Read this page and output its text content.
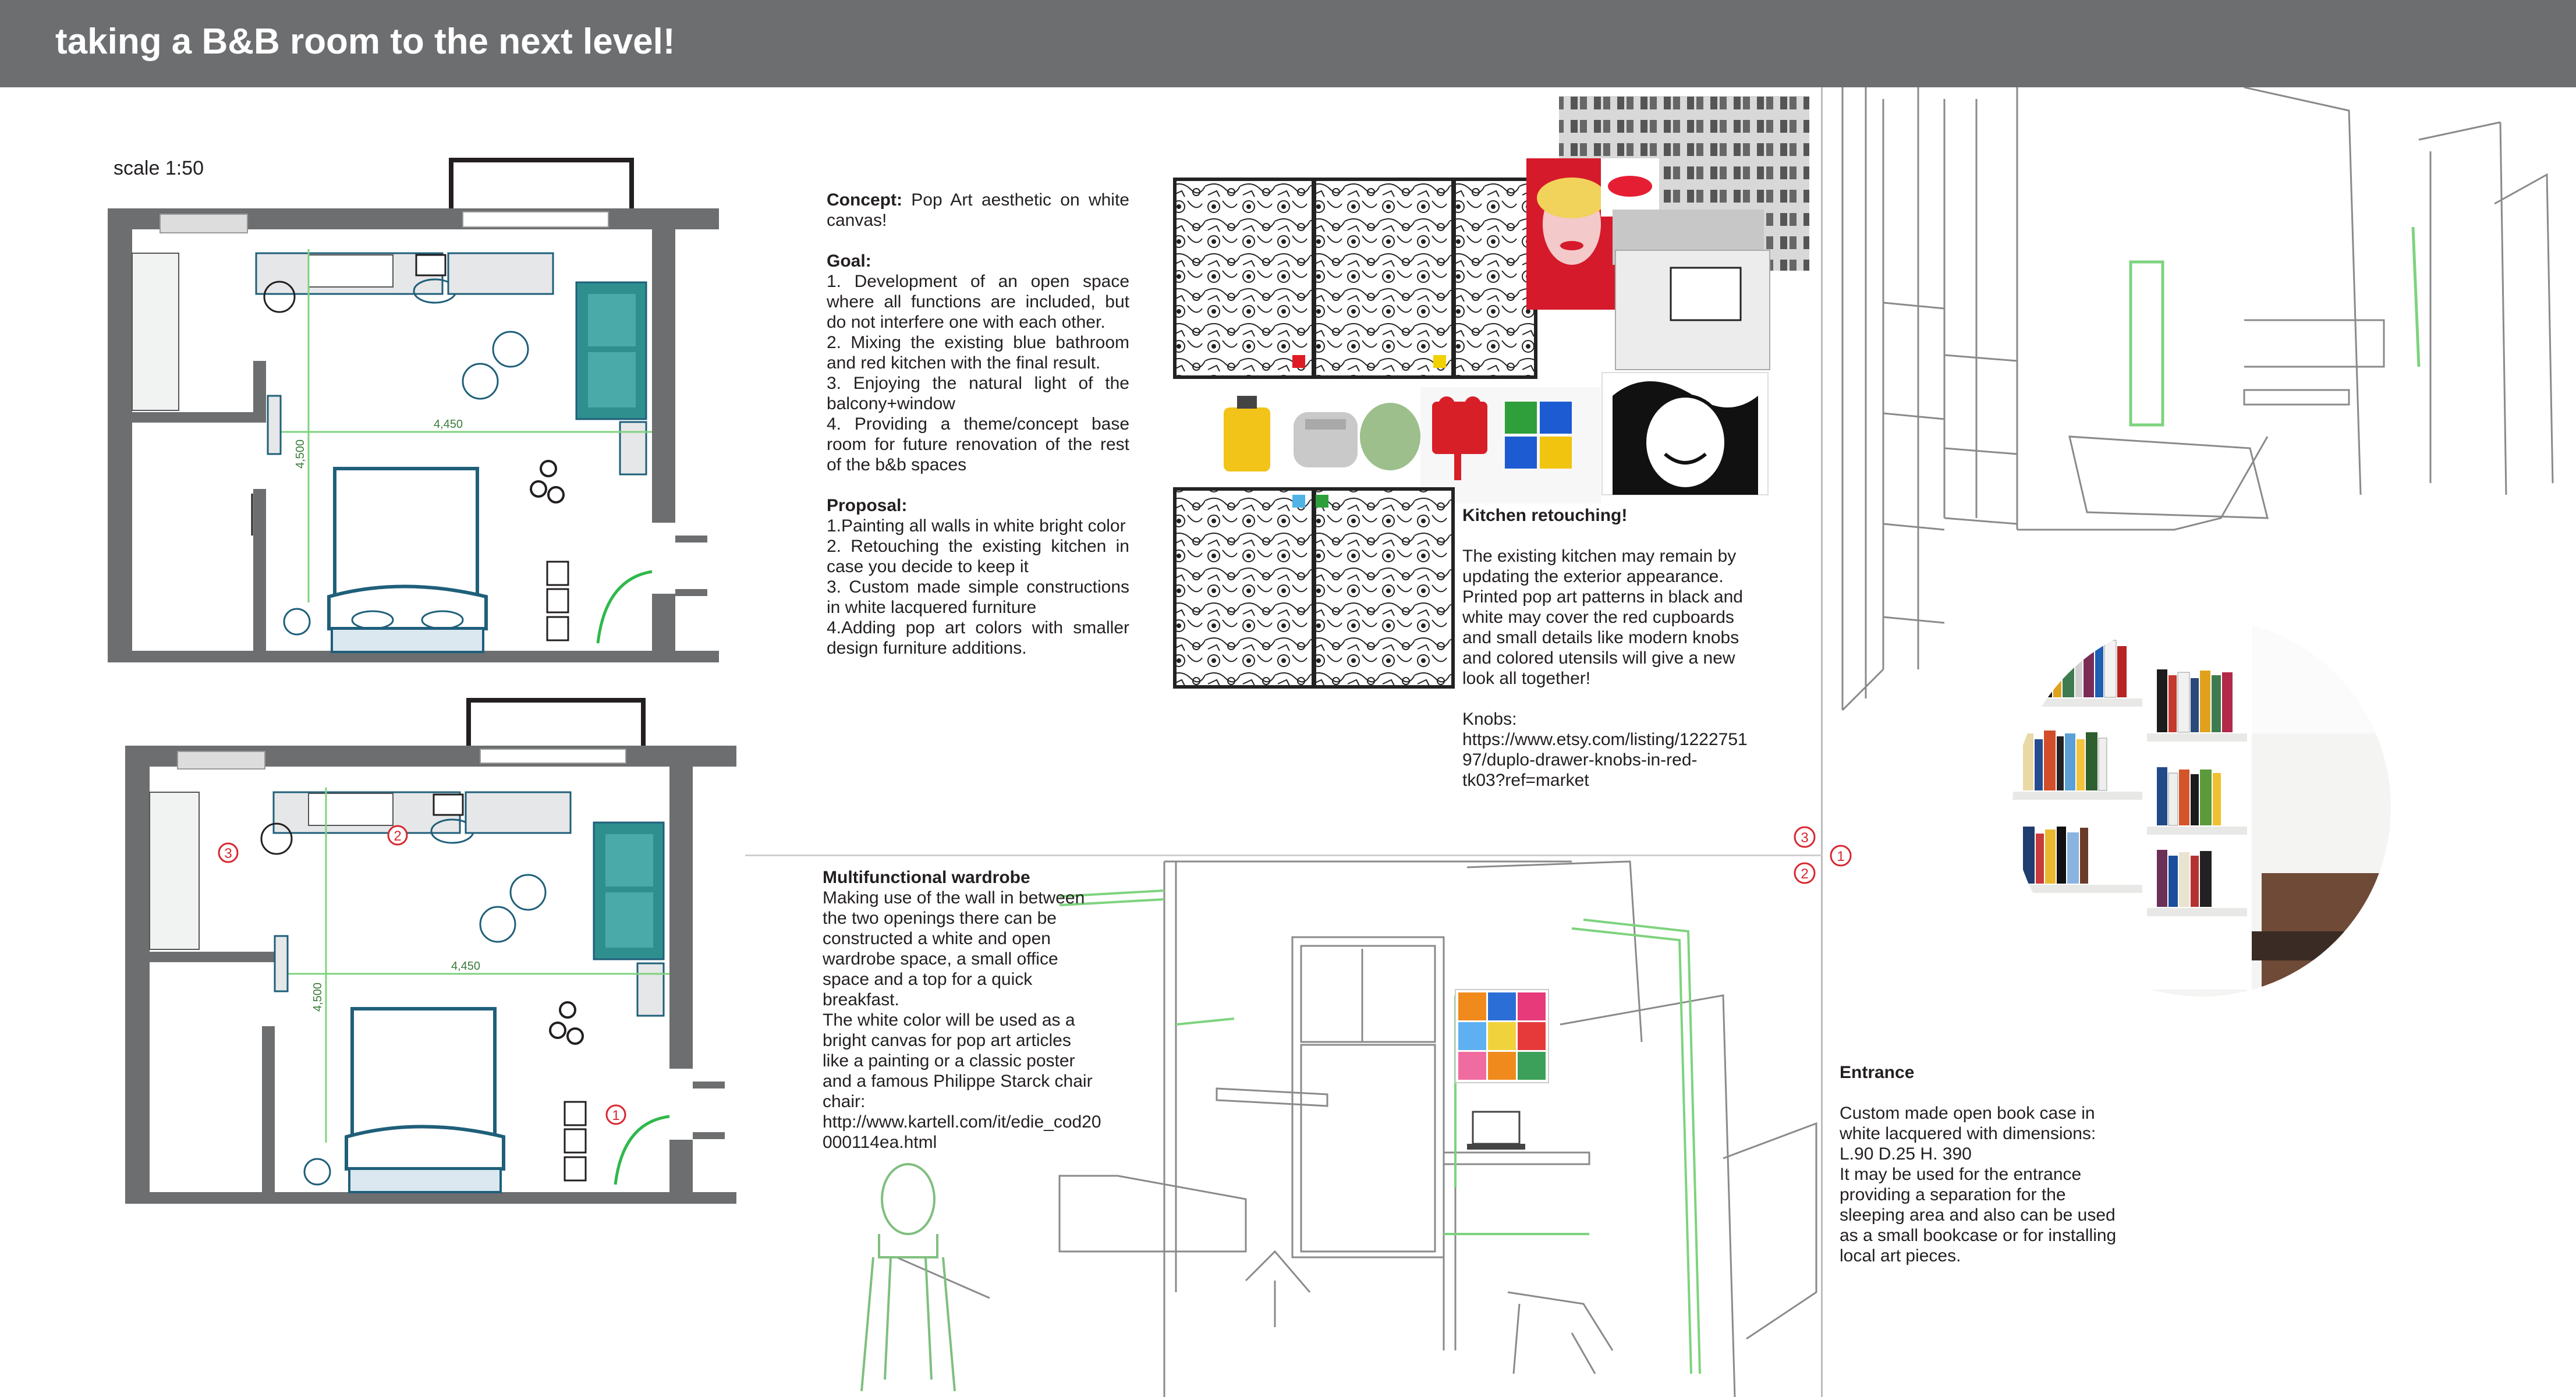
taking a B&B room to the next level!
scale 1:50
4,450
4,500
4,450
4,500
3
2
1

Concept: Pop Art aesthetic on white canvas!

Goal:

1. Development of an open space where all functions are included, but do not interfere one with each other.

2. Mixing the existing blue bathroom and red kitchen with the final result.

3. Enjoying the natural light of the balcony+window

4. Providing a theme/concept base room for future renovation of the rest of the b&b spaces

Proposal:

1.Painting all walls in white bright color

2. Retouching the existing kitchen in case you decide to keep it

3. Custom made simple constructions in white lacquered furniture

4.Adding pop art colors with smaller design furniture additions.

Kitchen retouching!

The existing kitchen may remain by

updating the exterior appearance.

Printed pop art patterns in black and

white may cover the red cupboards

and small details like modern knobs

and colored utensils will give a new

look all together!

Knobs:

https://www.etsy.com/listing/1222751

97/duplo-drawer-knobs-in-red-

tk03?ref=market

Multifunctional wardrobe

Making use of the wall in between

the two openings there can be

constructed a white and open

wardrobe space, a small office

space and a top for a quick

breakfast.

The white color will be used as a

bright canvas for pop art articles

like a painting or a classic poster

and a famous Philippe Starck chair

chair:

http://www.kartell.com/it/edie_cod20

000114ea.html

3
2
1

Entrance

Custom made open book case in

white lacquered with dimensions:

L.90 D.25 H. 390

It may be used for the entrance

providing a separation for the

sleeping area and also can be used

as a small bookcase or for installing

local art pieces.
